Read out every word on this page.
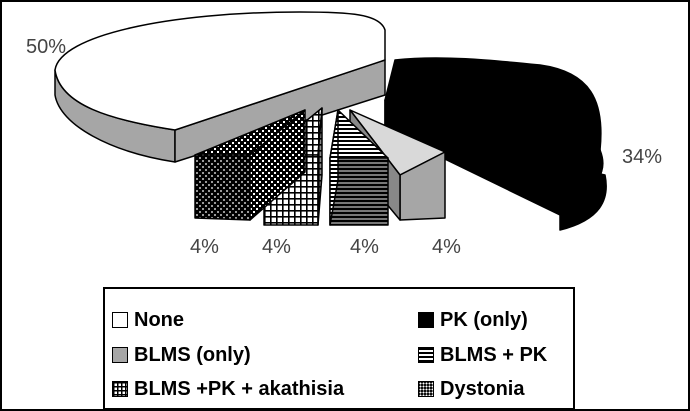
50%
34%
4% 4%	4%	4%
None	PK (only)
BLMS (only)	BLMS + PK
BLMS +PK + akathisia	Dystonia
